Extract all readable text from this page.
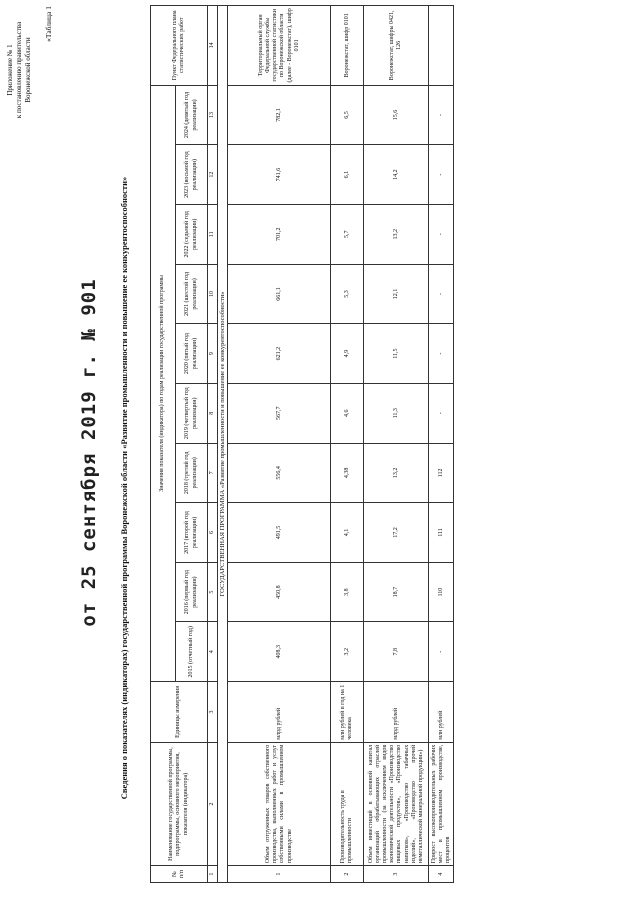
Приложение № 1 к постановлению правительства Воронежской области
от 25 сентября 2019 г. № 901
«Таблица 1
Сведения о показателях (индикаторах) государственной программы Воронежской области «Развитие промышленности и повышение ее конкурентоспособности»
№ п/п	Наименование государственной программы, подпрограммы, основного мероприятия, показателя (индикатора)	Единицы измерения	Значения показателя (индикатора) по годам реализации государственной программы										Пункт Федерального плана статистических работ
			2015 (отчетный год)	2016 (первый год реализации)	2017 (второй год реализации)	2018 (третий год реализации)	2019 (четвертый год реализации)	2020 (пятый год реализации)	2021 (шестой год реализации)	2022 (седьмой год реализации)	2023 (восьмой год реализации)	2024 (девятый год реализации)	
1	2	3	4	5	6	7	8	9	10	11	12	13	14
ГОСУДАРСТВЕННАЯ ПРОГРАММА «Развитие промышленности и повышение ее конкурентоспособности»													
1	Объем отгруженных товаров собственного производства, выполненных работ и услуг собственными силами в промышленном производстве	млрд рублей	408,3	450,8	491,5	556,4	567,7	621,2	661,1	701,2	741,6	782,1	Территориальный орган Федеральной службы государственной статистики по Воронежской области (далее - Воронежстат), шифр 0101
2	Производительность труда в промышленности	млн рублей в год на 1 человека	3,2	3,8	4,1	4,38	4,6	4,9	5,3	5,7	6,1	6,5	Воронежстат, шифр 0101
3	Объем инвестиций в основной капитал организаций обрабатывающих отраслей промышленности (за исключением видов экономической деятельности «Производство пищевых продуктов», «Производство напитков», «Производство табачных изделий», «Производство прочей неметаллической минеральной продукции»)	млрд рублей	7,8	18,7	17,2	13,2	11,3	11,5	12,1	13,2	14,2	15,6	Воронежстат, шифры 0421, 126
4	Прирост высокопроизводительных рабочих мест в промышленном производстве, процентов	млн рублей	-	110	111	112	-	-	-	-	-	-	
